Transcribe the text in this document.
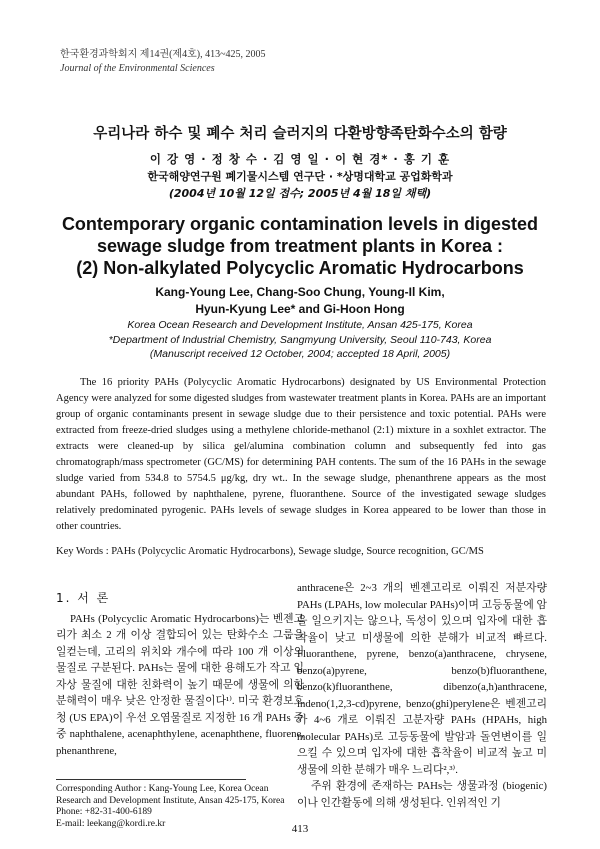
한국환경과학회지 제14권(제4호), 413~425, 2005
Journal of the Environmental Sciences
우리나라 하수 및 폐수 처리 슬러지의 다환방향족탄화수소의 함량
이 강 영 · 정 창 수 · 김 영 일 · 이 현 경* · 홍 기 훈
한국해양연구원 폐기물시스템 연구단 · *상명대학교 공업화학과
(2004년 10월 12일 접수; 2005년 4월 18일 채택)
Contemporary organic contamination levels in digested
sewage sludge from treatment plants in Korea :
(2) Non-alkylated Polycyclic Aromatic Hydrocarbons
Kang-Young Lee, Chang-Soo Chung, Young-Il Kim,
Hyun-Kyung Lee* and Gi-Hoon Hong
Korea Ocean Research and Development Institute, Ansan 425-175, Korea
*Department of Industrial Chemistry, Sangmyung University, Seoul 110-743, Korea
(Manuscript received 12 October, 2004; accepted 18 April, 2005)

The 16 priority PAHs (Polycyclic Aromatic Hydrocarbons) designated by US Environmental Protection Agency were analyzed for some digested sludges from wastewater treatment plants in Korea. PAHs are an important group of organic contaminants present in sewage sludge due to their persistence and toxic potential. PAHs were extracted from freeze-dried sludges using a methylene chloride-methanol (2:1) mixture in a soxhlet extractor. The extracts were cleaned-up by silica gel/alumina combination column and subsequently fed into gas chromatograph/mass spectrometer (GC/MS) for determining PAH contents. The sum of the 16 PAHs in the sewage sludge varied from 534.8 to 5754.5 μg/kg, dry wt.. In the sewage sludge, phenanthrene appears as the most abundant PAHs, followed by naphthalene, pyrene, fluoranthene. Source of the investigated sewage sludges relatively predominated pyrogenic. PAHs levels of sewage sludges in Korea appeared to be lower than those in other countries.

Key Words : PAHs (Polycyclic Aromatic Hydrocarbons), Sewage sludge, Source recognition, GC/MS
1. 서 론

PAHs (Polycyclic Aromatic Hydrocarbons)는 벤젠고리가 최소 2 개 이상 결합되어 있는 탄화수소 그룹을 일컫는데, 고리의 위치와 개수에 따라 100 개 이상의 물질로 구분된다. PAHs는 물에 대한 용해도가 작고 입자상 물질에 대한 친화력이 높기 때문에 생물에 의한 분해력이 매우 낮은 안정한 물질이다¹⁾. 미국 환경보호청 (US EPA)이 우선 오염물질로 지정한 16 개 PAHs 중 중 naphthalene, acenaphthylene, acenaphthene, fluorene, phenanthrene,

anthracene은 2~3 개의 벤젠고리로 이뤄진 저분자량 PAHs (LPAHs, low molecular PAHs)이며 고등동물에 암을 일으키지는 않으나, 독성이 있으며 입자에 대한 흡착율이 낮고 미생물에 의한 분해가 비교적 빠르다. Fluoranthene, pyrene, benzo(a)anthracene, chrysene, benzo(a)pyrene, benzo(b)fluoranthene, benzo(k)fluoranthene, dibenzo(a,h)anthracene, indeno(1,2,3-cd)pyrene, benzo(ghi)perylene은 벤젠고리가 4~6 개로 이뤄진 고분자량 PAHs (HPAHs, high molecular PAHs)로 고등동물에 발암과 돌연변이를 일으킬 수 있으며 입자에 대한 흡착율이 비교적 높고 미생물에 의한 분해가 매우 느리다²,³⁾.

주위 환경에 존재하는 PAHs는 생물과정 (biogenic)이나 인간활동에 의해 생성된다. 인위적인 기

Corresponding Author : Kang-Young Lee, Korea Ocean
Research and Development Institute, Ansan 425-175, Korea
Phone: +82-31-400-6189
E-mail: leekang@kordi.re.kr	413
